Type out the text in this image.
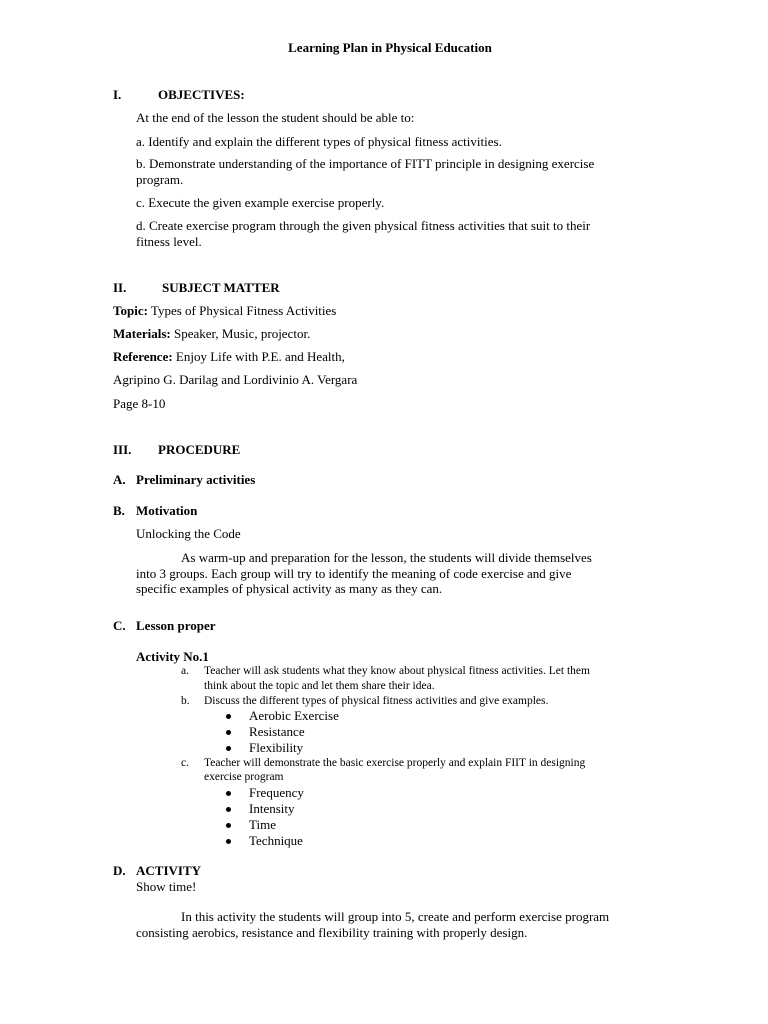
Learning Plan in Physical Education
I.	OBJECTIVES:
At the end of the lesson the student should be able to:
a. Identify and explain the different types of physical fitness activities.
b. Demonstrate understanding of the importance of FITT principle in designing exercise
program.
c. Execute the given example exercise properly.
d. Create exercise program through the given physical fitness activities that suit to their
fitness level.
II.	SUBJECT MATTER
Topic: Types of Physical Fitness Activities
Materials: Speaker, Music, projector.
Reference: Enjoy Life with P.E. and Health,
Agripino G. Darilag and Lordivinio A. Vergara
Page 8-10
III. PROCEDURE
A. Preliminary activities
B. Motivation
Unlocking the Code
As warm-up and preparation for the lesson, the students will divide themselves
into 3 groups. Each group will try to identify the meaning of code exercise and give
specific examples of physical activity as many as they can.
C. Lesson proper
Activity No.1
a. Teacher will ask students what they know about physical fitness activities. Let them
think about the topic and let them share their idea.
b. Discuss the different types of physical fitness activities and give examples.
Aerobic Exercise
Resistance
Flexibility
c. Teacher will demonstrate the basic exercise properly and explain FIIT in designing
exercise program
Frequency
Intensity
Time
Technique
D. ACTIVITY
Show time!
In this activity the students will group into 5, create and perform exercise program
consisting aerobics, resistance and flexibility training with properly design.
